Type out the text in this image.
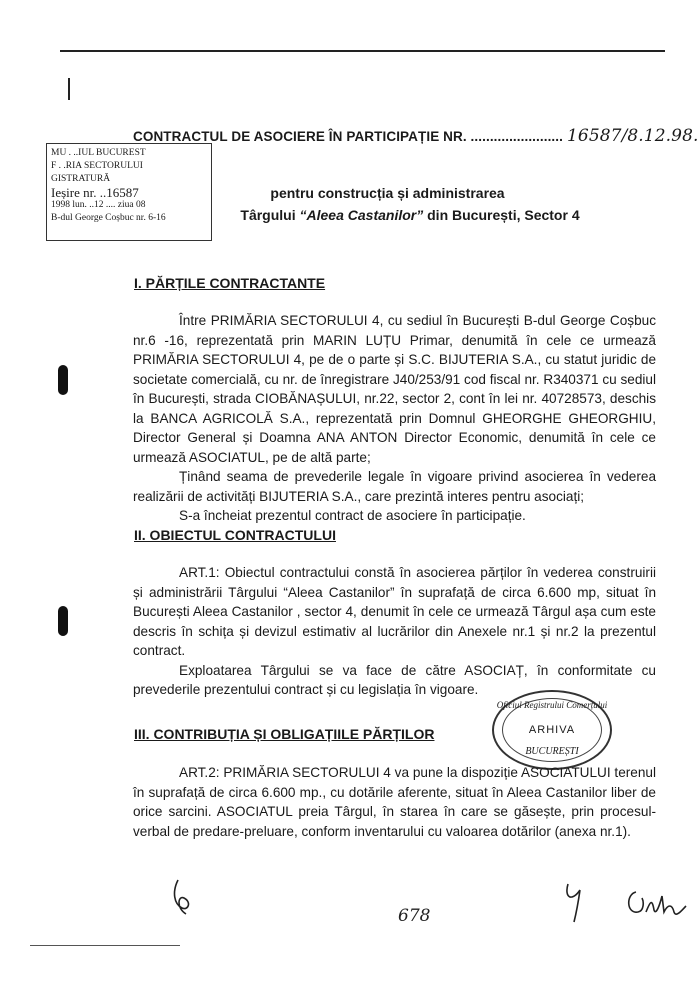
CONTRACTUL DE ASOCIERE ÎN PARTICIPAȚIE NR. ........................ 16587/8.12.98.
MU . ..IUL BUCUREST
F . .RIA SECTORULUI
GISTRATURĂ
Ieșire nr. ..16587
1998 lun. ..12 .... ziua 08
B-dul George Coșbuc nr. 6-16
pentru construcția și administrarea
Târgului “Aleea Castanilor” din București, Sector 4
I. PĂRȚILE CONTRACTANTE

Între PRIMĂRIA SECTORULUI 4, cu sediul în București B-dul George Coșbuc nr.6 -16, reprezentată prin MARIN LUȚU Primar, denumită în cele ce urmează PRIMĂRIA SECTORULUI 4, pe de o parte și S.C. BIJUTERIA S.A., cu statut juridic de societate comercială, cu nr. de înregistrare J40/253/91 cod fiscal nr. R340371 cu sediul în București, strada CIOBĂNAȘULUI, nr.22, sector 2, cont în lei nr. 40728573, deschis la BANCA AGRICOLĂ S.A., reprezentată prin Domnul GHEORGHE GHEORGHIU, Director General și Doamna ANA ANTON Director Economic, denumită în cele ce urmează ASOCIATUL, pe de altă parte;

Ținând seama de prevederile legale în vigoare privind asocierea în vederea realizării de activități BIJUTERIA S.A., care prezintă interes pentru asociați;

S-a încheiat prezentul contract de asociere în participație.

II. OBIECTUL CONTRACTULUI

ART.1: Obiectul contractului constă în asocierea părților în vederea construirii și administrării Târgului “Aleea Castanilor” în suprafață de circa 6.600 mp, situat în București Aleea Castanilor , sector 4, denumit în cele ce urmează Târgul așa cum este descris în schița și devizul estimativ al lucrărilor din Anexele nr.1 și nr.2 la prezentul contract.

Exploatarea Târgului se va face de către ASOCIAȚ, în conformitate cu prevederile prezentului contract și cu legislația în vigoare.

Oficiul Registrului Comerțului
ARHIVA
BUCUREȘTI
III. CONTRIBUȚIA ȘI OBLIGAȚIILE PĂRȚILOR

ART.2: PRIMĂRIA SECTORULUI 4 va pune la dispoziție ASOCIATULUI terenul în suprafață de circa 6.600 mp., cu dotările aferente, situat în Aleea Castanilor liber de orice sarcini. ASOCIATUL preia Târgul, în starea în care se găsește, prin procesul-verbal de predare-preluare, conform inventarului cu valoarea dotărilor (anexa nr.1).

678
